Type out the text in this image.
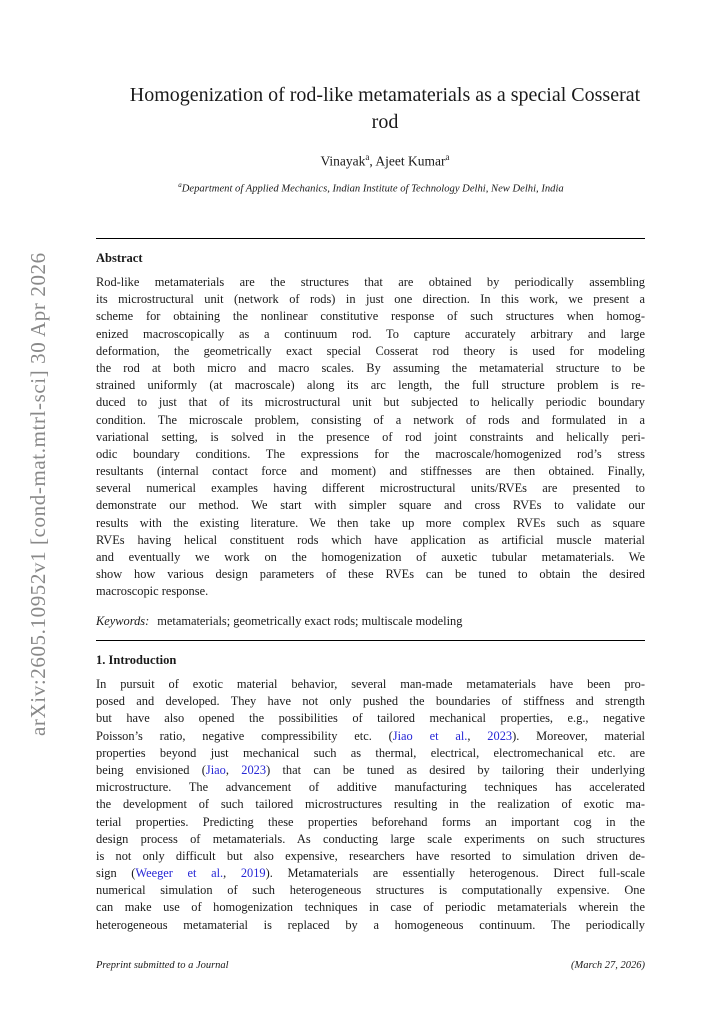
arXiv:2605.10952v1 [cond-mat.mtrl-sci] 30 Apr 2026
Homogenization of rod-like metamaterials as a special Cosserat
rod
Vinayak$^a$, Ajeet Kumar$^a$
$^a$Department of Applied Mechanics, Indian Institute of Technology Delhi, New Delhi, India
Abstract
Rod-like metamaterials are the structures that are obtained by periodically assembling
its microstructural unit (network of rods) in just one direction. In this work, we present a
scheme for obtaining the nonlinear constitutive response of such structures when homog-
enized macroscopically as a continuum rod. To capture accurately arbitrary and large
deformation, the geometrically exact special Cosserat rod theory is used for modeling
the rod at both micro and macro scales. By assuming the metamaterial structure to be
strained uniformly (at macroscale) along its arc length, the full structure problem is re-
duced to just that of its microstructural unit but subjected to helically periodic boundary
condition. The microscale problem, consisting of a network of rods and formulated in a
variational setting, is solved in the presence of rod joint constraints and helically peri-
odic boundary conditions. The expressions for the macroscale/homogenized rod’s stress
resultants (internal contact force and moment) and stiffnesses are then obtained. Finally,
several numerical examples having different microstructural units/RVEs are presented to
demonstrate our method. We start with simpler square and cross RVEs to validate our
results with the existing literature. We then take up more complex RVEs such as square
RVEs having helical constituent rods which have application as artificial muscle material
and eventually we work on the homogenization of auxetic tubular metamaterials. We
show how various design parameters of these RVEs can be tuned to obtain the desired
macroscopic response.
Keywords: metamaterials; geometrically exact rods; multiscale modeling
1. Introduction
In pursuit of exotic material behavior, several man-made metamaterials have been pro-
posed and developed. They have not only pushed the boundaries of stiffness and strength
but have also opened the possibilities of tailored mechanical properties, e.g., negative
Poisson’s ratio, negative compressibility etc. (Jiao et al., 2023). Moreover, material
properties beyond just mechanical such as thermal, electrical, electromechanical etc. are
being envisioned (Jiao, 2023) that can be tuned as desired by tailoring their underlying
microstructure. The advancement of additive manufacturing techniques has accelerated
the development of such tailored microstructures resulting in the realization of exotic ma-
terial properties. Predicting these properties beforehand forms an important cog in the
design process of metamaterials. As conducting large scale experiments on such structures
is not only difficult but also expensive, researchers have resorted to simulation driven de-
sign (Weeger et al., 2019). Metamaterials are essentially heterogenous. Direct full-scale
numerical simulation of such heterogeneous structures is computationally expensive. One
can make use of homogenization techniques in case of periodic metamaterials wherein the
heterogeneous metamaterial is replaced by a homogeneous continuum. The periodically
Preprint submitted to a Journal	(March 27, 2026)
